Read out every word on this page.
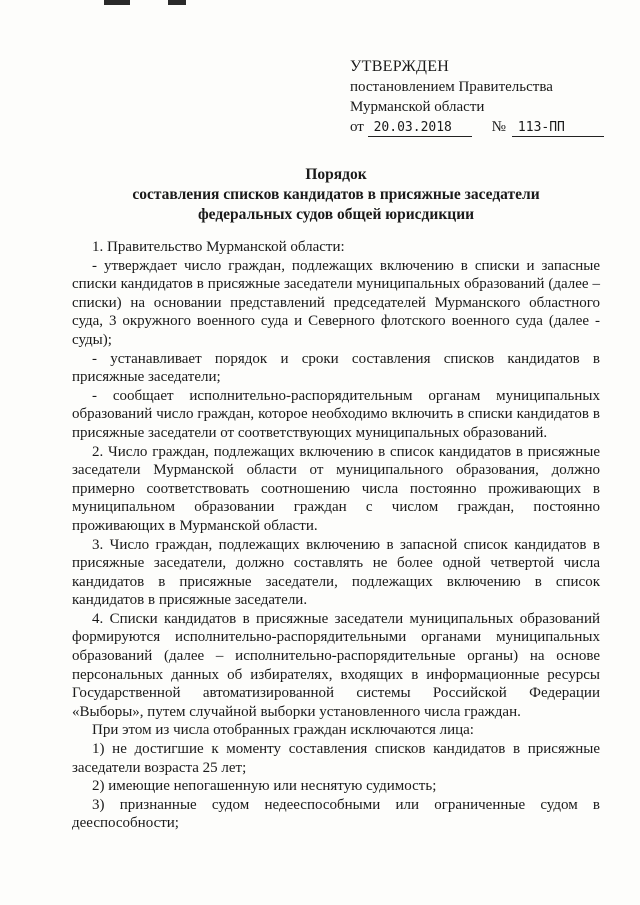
УТВЕРЖДЕН
постановлением Правительства
Мурманской области
от 20.03.2018	№ 113-ПП
Порядок
составления списков кандидатов в присяжные заседатели
федеральных судов общей юрисдикции

1. Правительство Мурманской области:

- утверждает число граждан, подлежащих включению в списки и запасные списки кандидатов в присяжные заседатели муниципальных образований (далее – списки) на основании представлений председателей Мурманского областного суда, 3 окружного военного суда и Северного флотского военного суда (далее - суды);

- устанавливает порядок и сроки составления списков кандидатов в присяжные заседатели;

- сообщает исполнительно-распорядительным органам муниципальных образований число граждан, которое необходимо включить в списки кандидатов в присяжные заседатели от соответствующих муниципальных образований.

2. Число граждан, подлежащих включению в список кандидатов в присяжные заседатели Мурманской области от муниципального образования, должно примерно соответствовать соотношению числа постоянно проживающих в муниципальном образовании граждан с числом граждан, постоянно проживающих в Мурманской области.

3. Число граждан, подлежащих включению в запасной список кандидатов в присяжные заседатели, должно составлять не более одной четвертой числа кандидатов в присяжные заседатели, подлежащих включению в список кандидатов в присяжные заседатели.

4. Списки кандидатов в присяжные заседатели муниципальных образований формируются исполнительно-распорядительными органами муниципальных образований (далее – исполнительно-распорядительные органы) на основе персональных данных об избирателях, входящих в информационные ресурсы Государственной автоматизированной системы Российской Федерации «Выборы», путем случайной выборки установленного числа граждан.

При этом из числа отобранных граждан исключаются лица:

1) не достигшие к моменту составления списков кандидатов в присяжные заседатели возраста 25 лет;

2) имеющие непогашенную или неснятую судимость;

3) признанные судом недееспособными или ограниченные судом в дееспособности;
